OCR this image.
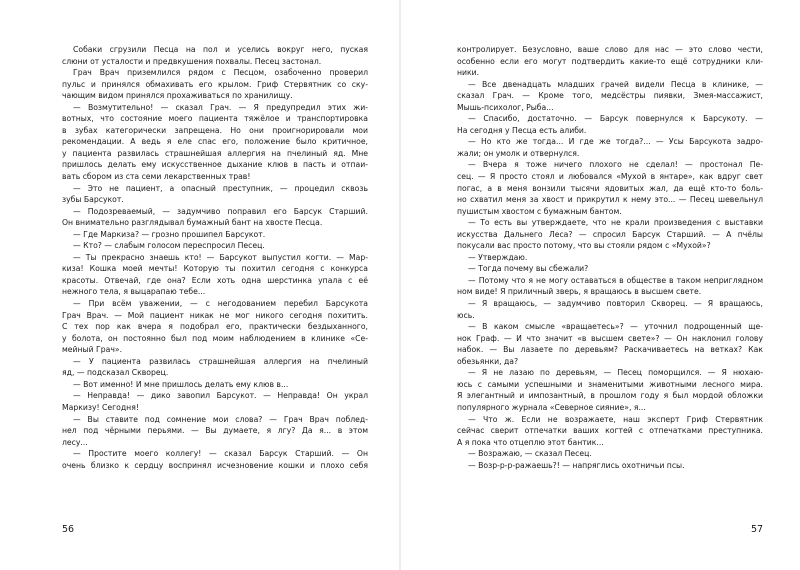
Собаки сгрузили Песца на пол и уселись вокруг него, пуская
слюни от усталости и предвкушения похвалы. Песец застонал.
Грач Врач приземлился рядом с Песцом, озабоченно проверил
пульс и принялся обмахивать его крылом. Гриф Стервятник со ску-
чающим видом принялся прохаживаться по хранилищу.
— Возмутительно! — сказал Грач. — Я предупредил этих жи-
вотных, что состояние моего пациента тяжёлое и транспортировка
в зубах категорически запрещена. Но они проигнорировали мои
рекомендации. А ведь я еле спас его, положение было критичное,
у пациента развилась страшнейшая аллергия на пчелиный яд. Мне
пришлось делать ему искусственное дыхание клюв в пасть и отпаи-
вать сбором из ста семи лекарственных трав!
— Это не пациент, а опасный преступник, — процедил сквозь
зубы Барсукот.
— Подозреваемый, — задумчиво поправил его Барсук Старший.
Он внимательно разглядывал бумажный бант на хвосте Песца.
— Где Маркиза? — грозно прошипел Барсукот.
— Кто? — слабым голосом переспросил Песец.
— Ты прекрасно знаешь кто! — Барсукот выпустил когти. — Мар-
киза! Кошка моей мечты! Которую ты похитил сегодня с конкурса
красоты. Отвечай, где она? Если хоть одна шерстинка упала с её
нежного тела, я выцарапаю тебе...
— При всём уважении, — с негодованием перебил Барсукота
Грач Врач. — Мой пациент никак не мог никого сегодня похитить.
С тех пор как вчера я подобрал его, практически бездыханного,
у болота, он постоянно был под моим наблюдением в клинике «Се-
мейный Грач».
— У пациента развилась страшнейшая аллергия на пчелиный
яд, — подсказал Скворец.
— Вот именно! И мне пришлось делать ему клюв в...
— Неправда! — дико завопил Барсукот. — Неправда! Он украл
Маркизу! Сегодня!
— Вы ставите под сомнение мои слова? — Грач Врач поблед-
нел под чёрными перьями. — Вы думаете, я лгу? Да я... в этом
лесу...
— Простите моего коллегу! — сказал Барсук Старший. — Он
очень близко к сердцу воспринял исчезновение кошки и плохо себя
56
контролирует. Безусловно, ваше слово для нас — это слово чести,
особенно если его могут подтвердить какие-то ещё сотрудники кли-
ники.
— Все двенадцать младших грачей видели Песца в клинике, —
сказал Грач. — Кроме того, медсёстры пиявки, Змея-массажист,
Мышь-психолог, Рыба...
— Спасибо, достаточно. — Барсук повернулся к Барсукоту. —
На сегодня у Песца есть алиби.
— Но кто же тогда... И где же тогда?... — Усы Барсукота задро-
жали; он умолк и отвернулся.
— Вчера я тоже ничего плохого не сделал! — простонал Пе-
сец. — Я просто стоял и любовался «Мухой в янтаре», как вдруг свет
погас, а в меня вонзили тысячи ядовитых жал, да ещё кто-то боль-
но схватил меня за хвост и прикрутил к нему это... — Песец шевельнул
пушистым хвостом с бумажным бантом.
— То есть вы утверждаете, что не крали произведения с выставки
искусства Дальнего Леса? — спросил Барсук Старший. — А пчёлы
покусали вас просто потому, что вы стояли рядом с «Мухой»?
— Утверждаю.
— Тогда почему вы сбежали?
— Потому что я не могу оставаться в обществе в таком неприглядном
ном виде! Я приличный зверь, я вращаюсь в высшем свете.
— Я вращаюсь, — задумчиво повторил Скворец. — Я вращаюсь,
юсь.
— В каком смысле «вращаетесь»? — уточнил подрощенный ще-
нок Граф. — И что значит «в высшем свете»? — Он наклонил голову
набок. — Вы лазаете по деревьям? Раскачиваетесь на ветках? Как
обезьянки, да?
— Я не лазаю по деревьям, — Песец поморщился. — Я нюхаю-
юсь с самыми успешными и знаменитыми животными лесного мира.
Я элегантный и импозантный, в прошлом году я был мордой обложки
популярного журнала «Северное сияние», я...
— Что ж. Если не возражаете, наш эксперт Гриф Стервятник
сейчас сверит отпечатки ваших когтей с отпечатками преступника.
А я пока что отцеплю этот бантик...
— Возражаю, — сказал Песец.
— Возр-р-р-ражаешь?! — напряглись охотничьи псы.
57
